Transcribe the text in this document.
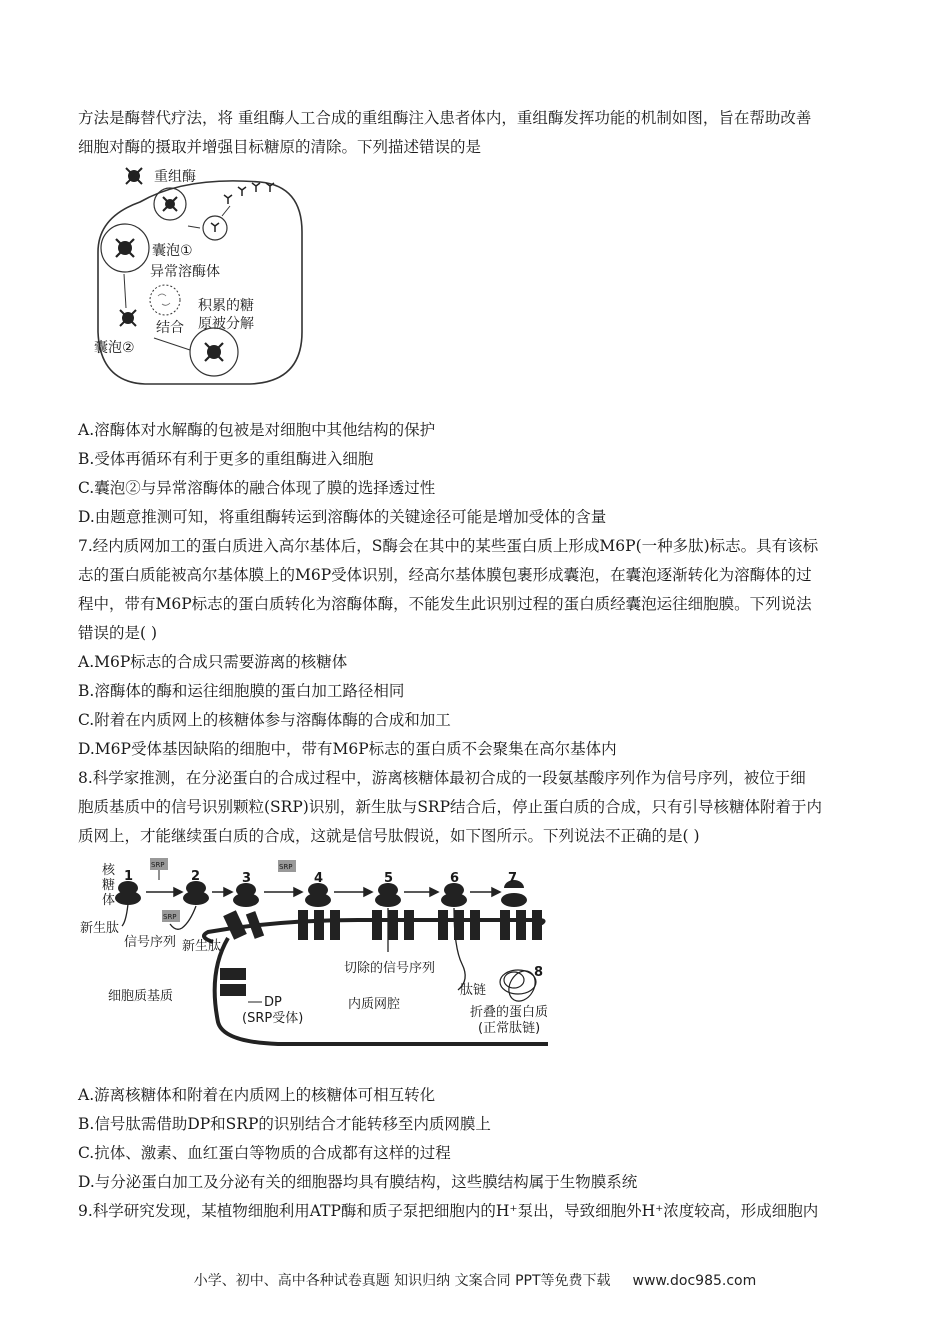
方法是酶替代疗法，将 重组酶人工合成的重组酶注入患者体内，重组酶发挥功能的机制如图，旨在帮助改善
细胞对酶的摄取并增强目标糖原的清除。下列描述错误的是
重组酶
囊泡①
异常溶酶体
囊泡②
结合
积累的糖
原被分解
A.溶酶体对水解酶的包被是对细胞中其他结构的保护
B.受体再循环有利于更多的重组酶进入细胞
C.囊泡②与异常溶酶体的融合体现了膜的选择透过性
D.由题意推测可知，将重组酶转运到溶酶体的关键途径可能是增加受体的含量
7.经内质网加工的蛋白质进入高尔基体后，S酶会在其中的某些蛋白质上形成M6P(一种多肽)标志。具有该标
志的蛋白质能被高尔基体膜上的M6P受体识别，经高尔基体膜包裹形成囊泡，在囊泡逐渐转化为溶酶体的过
程中，带有M6P标志的蛋白质转化为溶酶体酶，不能发生此识别过程的蛋白质经囊泡运往细胞膜。下列说法
错误的是( )
A.M6P标志的合成只需要游离的核糖体
B.溶酶体的酶和运往细胞膜的蛋白加工路径相同
C.附着在内质网上的核糖体参与溶酶体酶的合成和加工
D.M6P受体基因缺陷的细胞中，带有M6P标志的蛋白质不会聚集在高尔基体内
8.科学家推测，在分泌蛋白的合成过程中，游离核糖体最初合成的一段氨基酸序列作为信号序列，被位于细
胞质基质中的信号识别颗粒(SRP)识别，新生肽与SRP结合后，停止蛋白质的合成，只有引导核糖体附着于内
质网上，才能继续蛋白质的合成，这就是信号肽假说，如下图所示。下列说法不正确的是( )
1	2	3	4	5	6	7
8
核
糖
体
SRP
SRP
SRP
新生肽
信号序列 新生肽
细胞质基质	DP
(SRP受体)
切除的信号序列
内质网腔
肽链
折叠的蛋白质
(正常肽链)
A.游离核糖体和附着在内质网上的核糖体可相互转化
B.信号肽需借助DP和SRP的识别结合才能转移至内质网膜上
C.抗体、激素、血红蛋白等物质的合成都有这样的过程
D.与分泌蛋白加工及分泌有关的细胞器均具有膜结构，这些膜结构属于生物膜系统
9.科学研究发现，某植物细胞利用ATP酶和质子泵把细胞内的H⁺泵出，导致细胞外H⁺浓度较高，形成细胞内
小学、初中、高中各种试卷真题 知识归纳 文案合同 PPT等免费下载 www.doc985.com
